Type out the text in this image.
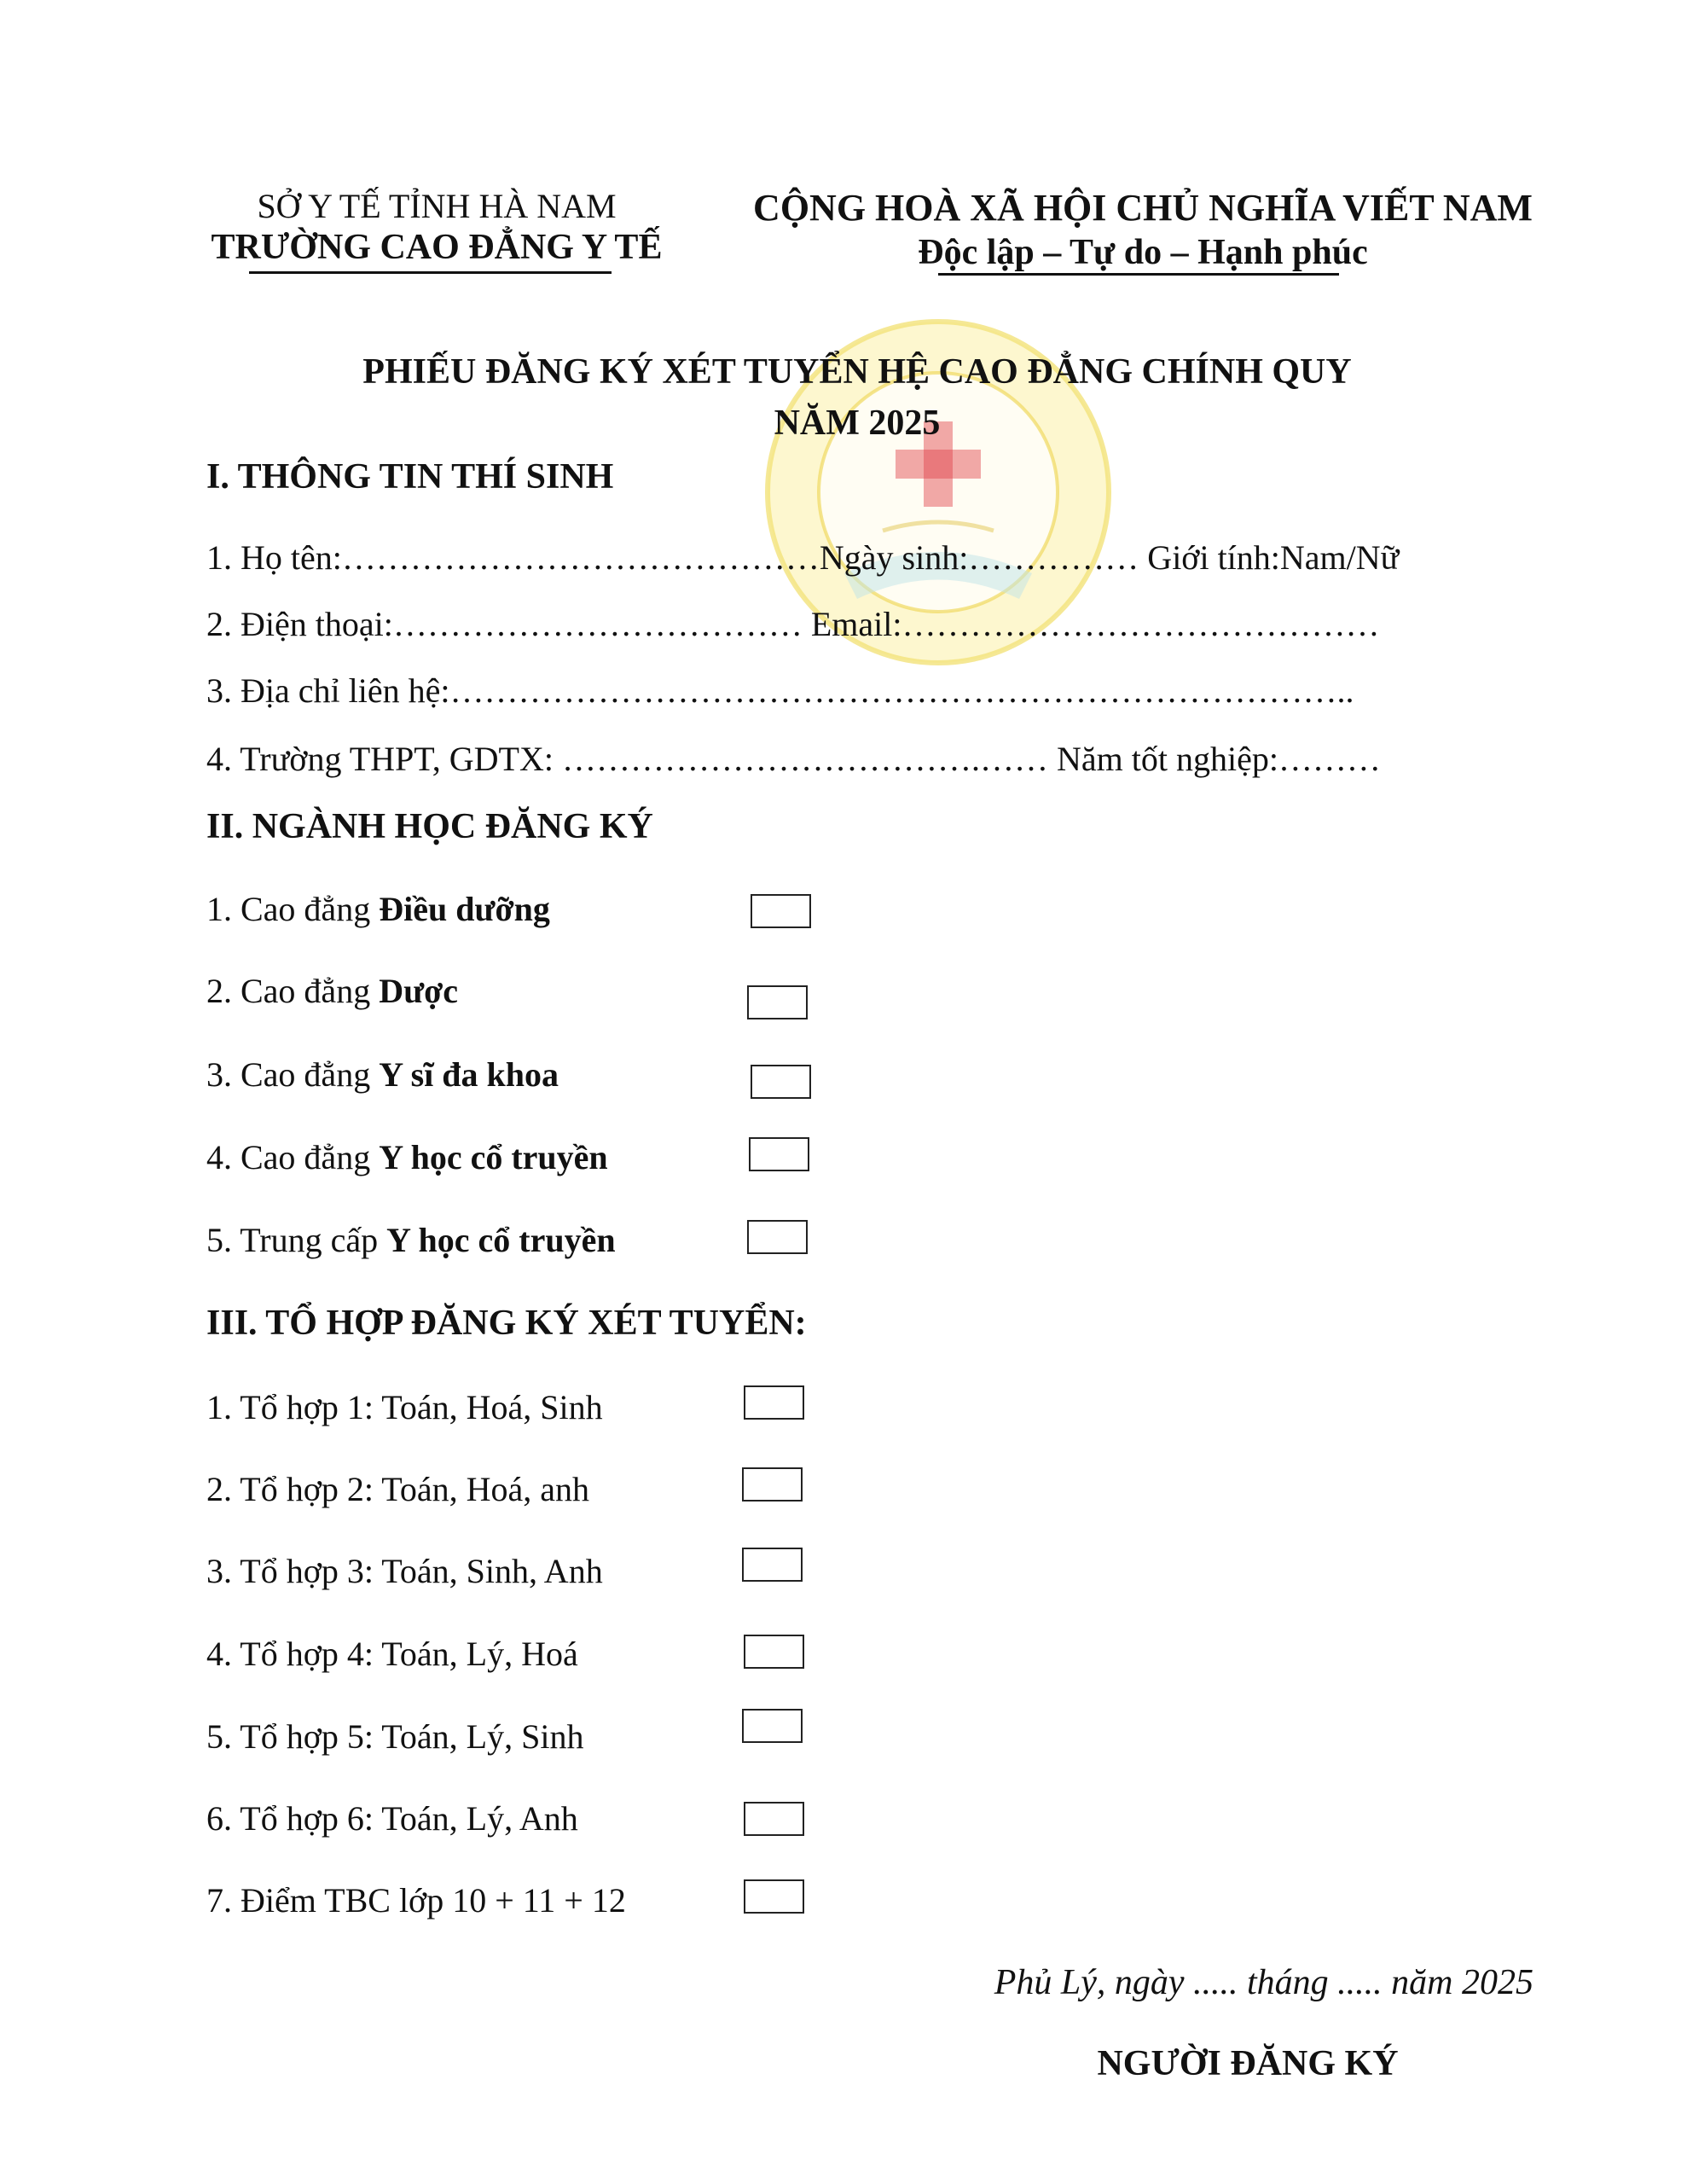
SỞ Y TẾ TỈNH HÀ NAM
TRƯỜNG CAO ĐẲNG Y TẾ
CỘNG HOÀ XÃ HỘI CHỦ NGHĨA VIẾT NAM
Độc lập – Tự do – Hạnh phúc
PHIẾU ĐĂNG KÝ XÉT TUYỂN HỆ CAO ĐẲNG CHÍNH QUY
NĂM 2025
I. THÔNG TIN THÍ SINH
1. Họ tên:……………………………………Ngày sinh:…………… Giới tính:Nam/Nữ
2. Điện thoại:……………………………… Email:……………………………………
3. Địa chỉ liên hệ:……………………………………………………………………..
4. Trường THPT, GDTX: ……………………………….…… Năm tốt nghiệp:………
II. NGÀNH HỌC ĐĂNG KÝ
1. Cao đẳng Điều dưỡng
2. Cao đẳng Dược
3. Cao đẳng Y sĩ đa khoa
4. Cao đẳng Y học cổ truyền
5. Trung cấp Y học cổ truyền
III. TỔ HỢP ĐĂNG KÝ XÉT TUYỂN:
1. Tổ hợp 1: Toán, Hoá, Sinh
2. Tổ hợp 2: Toán, Hoá, anh
3. Tổ hợp 3: Toán, Sinh, Anh
4. Tổ hợp 4: Toán, Lý, Hoá
5. Tổ hợp 5: Toán, Lý, Sinh
6. Tổ hợp 6: Toán, Lý, Anh
7. Điểm TBC lớp 10 + 11 + 12
Phủ Lý, ngày ..... tháng ..... năm 2025
NGƯỜI ĐĂNG KÝ
